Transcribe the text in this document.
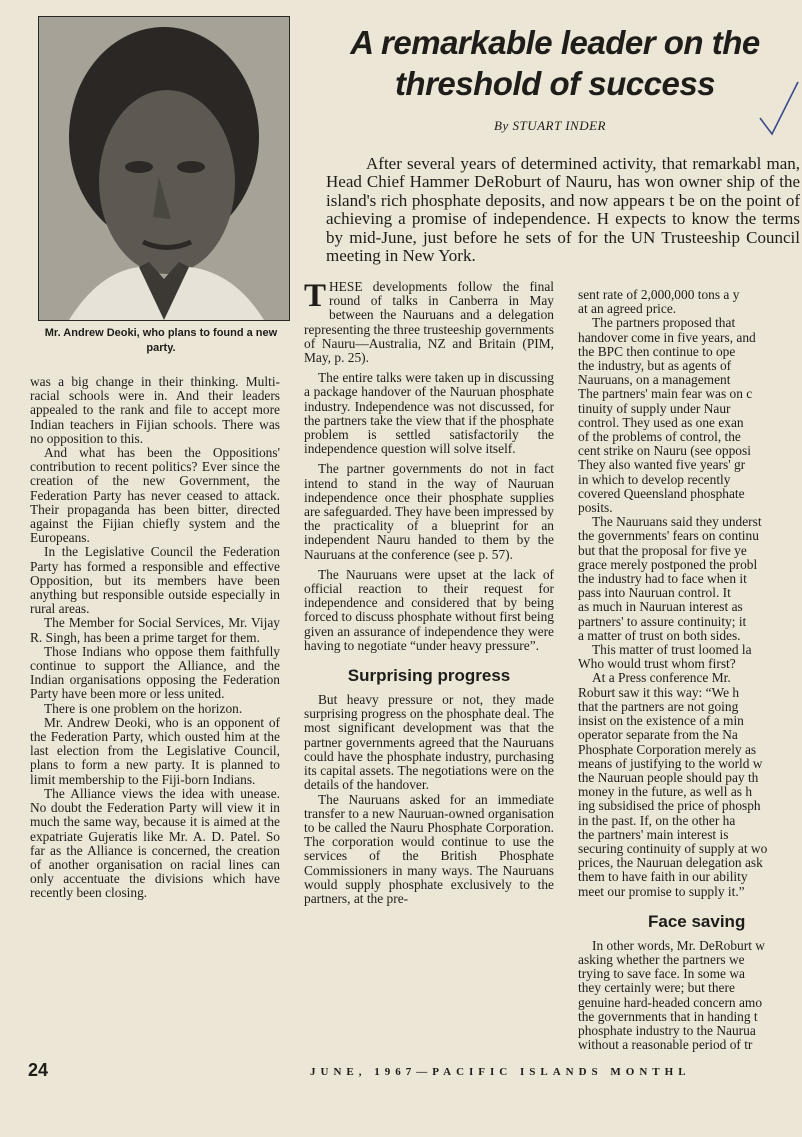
Mr. Andrew Deoki, who plans to found a new party.
A remarkable leader on the
threshold of success
By STUART INDER

After several years of determined activity, that remarkabl man, Head Chief Hammer DeRoburt of Nauru, has won owner ship of the island's rich phosphate deposits, and now appears t be on the point of achieving a promise of independence. H expects to know the terms by mid-June, just before he sets of for the UN Trusteeship Council meeting in New York.

was a big change in their thinking. Multi-racial schools were in. And their leaders appealed to the rank and file to accept more Indian teachers in Fijian schools. There was no opposition to this.

And what has been the Oppositions' contribution to recent politics? Ever since the creation of the new Government, the Federation Party has never ceased to attack. Their propaganda has been bitter, directed against the Fijian chiefly system and the Europeans.

In the Legislative Council the Federation Party has formed a responsible and effective Opposition, but its members have been anything but responsible outside especially in rural areas.

The Member for Social Services, Mr. Vijay R. Singh, has been a prime target for them.

Those Indians who oppose them faithfully continue to support the Alliance, and the Indian organisations opposing the Federation Party have been more or less united.

There is one problem on the horizon.

Mr. Andrew Deoki, who is an opponent of the Federation Party, which ousted him at the last election from the Legislative Council, plans to form a new party. It is planned to limit membership to the Fiji-born Indians.

The Alliance views the idea with unease. No doubt the Federation Party will view it in much the same way, because it is aimed at the expatriate Gujeratis like Mr. A. D. Patel. So far as the Alliance is concerned, the creation of another organisation on racial lines can only accentuate the divisions which have recently been closing.

THESE developments follow the final round of talks in Canberra in May between the Nauruans and a delegation representing the three trusteeship governments of Nauru—Australia, NZ and Britain (PIM, May, p. 25).

The entire talks were taken up in discussing a package handover of the Nauruan phosphate industry. Independence was not discussed, for the partners take the view that if the phosphate problem is settled satisfactorily the independence question will solve itself.

The partner governments do not in fact intend to stand in the way of Nauruan independence once their phosphate supplies are safeguarded. They have been impressed by the practicality of a blueprint for an independent Nauru handed to them by the Nauruans at the conference (see p. 57).

The Nauruans were upset at the lack of official reaction to their request for independence and considered that by being forced to discuss phosphate without first being given an assurance of independence they were having to negotiate “under heavy pressure”.

Surprising progress

But heavy pressure or not, they made surprising progress on the phosphate deal. The most significant development was that the partner governments agreed that the Nauruans could have the phosphate industry, purchasing its capital assets. The negotiations were on the details of the handover.

The Nauruans asked for an immediate transfer to a new Nauruan-owned organisation to be called the Nauru Phosphate Corporation. The corporation would continue to use the services of the British Phosphate Commissioners in many ways. The Nauruans would supply phosphate exclusively to the partners, at the pre-

sent rate of 2,000,000 tons a y
at an agreed price.
The partners proposed that
handover come in five years, and
the BPC then continue to ope
the industry, but as agents of
Nauruans, on a management
The partners' main fear was on c
tinuity of supply under Naur
control. They used as one exan
of the problems of control, the
cent strike on Nauru (see opposi
They also wanted five years' gr
in which to develop recently
covered Queensland phosphate
posits.
The Nauruans said they underst
the governments' fears on continu
but that the proposal for five ye
grace merely postponed the probl
the industry had to face when it
pass into Nauruan control. It
as much in Nauruan interest as
partners' to assure continuity; it
a matter of trust on both sides.
This matter of trust loomed la
Who would trust whom first?
At a Press conference Mr.
Roburt saw it this way: “We h
that the partners are not going
insist on the existence of a min
operator separate from the Na
Phosphate Corporation merely as
means of justifying to the world w
the Nauruan people should pay th
money in the future, as well as h
ing subsidised the price of phosph
in the past. If, on the other ha
the partners' main interest is
securing continuity of supply at wo
prices, the Nauruan delegation ask
them to have faith in our ability
meet our promise to supply it.”
Face saving
In other words, Mr. DeRoburt w
asking whether the partners we
trying to save face. In some wa
they certainly were; but there
genuine hard-headed concern amo
the governments that in handing t
phosphate industry to the Naurua
without a reasonable period of tr
24	JUNE, 1967—PACIFIC ISLANDS MONTHL
